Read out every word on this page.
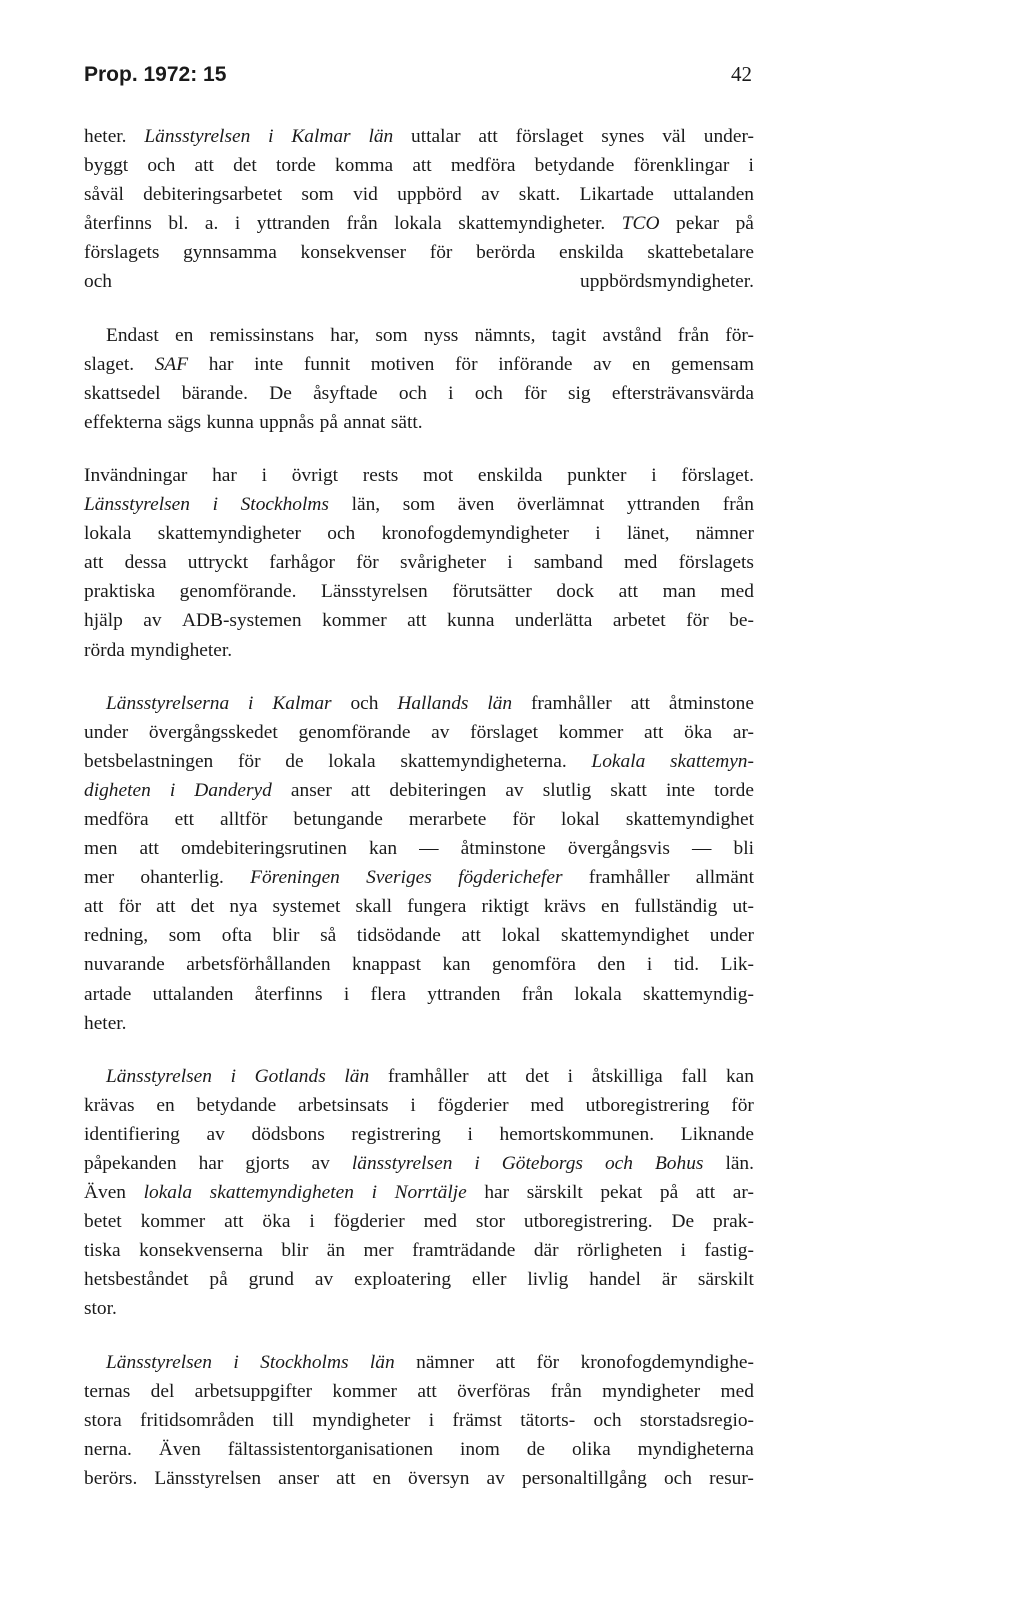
Prop. 1972: 15	42
heter. Länsstyrelsen i Kalmar län uttalar att förslaget synes väl under-
byggt och att det torde komma att medföra betydande förenklingar i
såväl debiteringsarbetet som vid uppbörd av skatt. Likartade uttalanden
återfinns bl. a. i yttranden från lokala skattemyndigheter. TCO pekar på
förslagets gynnsamma konsekvenser för berörda enskilda skattebetalare
och	uppbördsmyndigheter.
Endast en remissinstans har, som nyss nämnts, tagit avstånd från för-
slaget. SAF har inte funnit motiven för införande av en gemensam
skattsedel bärande. De åsyftade och i och för sig eftersträvansvärda
effekterna sägs kunna uppnås på annat sätt.
Invändningar har i övrigt rests mot enskilda punkter i förslaget.
Länsstyrelsen i Stockholms län, som även överlämnat yttranden från
lokala skattemyndigheter och kronofogdemyndigheter i länet, nämner
att dessa uttryckt farhågor för svårigheter i samband med förslagets
praktiska genomförande. Länsstyrelsen förutsätter dock att man med
hjälp av ADB-systemen kommer att kunna underlätta arbetet för be-
rörda myndigheter.
Länsstyrelserna i Kalmar och Hallands län framhåller att åtminstone
under övergångsskedet genomförande av förslaget kommer att öka ar-
betsbelastningen för de lokala skattemyndigheterna. Lokala skattemyn-
digheten i Danderyd anser att debiteringen av slutlig skatt inte torde
medföra ett alltför betungande merarbete för lokal skattemyndighet
men att omdebiteringsrutinen kan — åtminstone övergångsvis — bli
mer ohanterlig. Föreningen Sveriges fögderichefer framhåller allmänt
att för att det nya systemet skall fungera riktigt krävs en fullständig ut-
redning, som ofta blir så tidsödande att lokal skattemyndighet under
nuvarande arbetsförhållanden knappast kan genomföra den i tid. Lik-
artade uttalanden återfinns i flera yttranden från lokala skattemyndig-
heter.
Länsstyrelsen i Gotlands län framhåller att det i åtskilliga fall kan
krävas en betydande arbetsinsats i fögderier med utboregistrering för
identifiering av dödsbons registrering i hemortskommunen. Liknande
påpekanden har gjorts av länsstyrelsen i Göteborgs och Bohus län.
Även lokala skattemyndigheten i Norrtälje har särskilt pekat på att ar-
betet kommer att öka i fögderier med stor utboregistrering. De prak-
tiska konsekvenserna blir än mer framträdande där rörligheten i fastig-
hetsbeståndet på grund av exploatering eller livlig handel är särskilt
stor.
Länsstyrelsen i Stockholms län nämner att för kronofogdemyndighe-
ternas del arbetsuppgifter kommer att överföras från myndigheter med
stora fritidsområden till myndigheter i främst tätorts- och storstadsregio-
nerna. Även fältassistentorganisationen inom de olika myndigheterna
berörs. Länsstyrelsen anser att en översyn av personaltillgång och resur-
